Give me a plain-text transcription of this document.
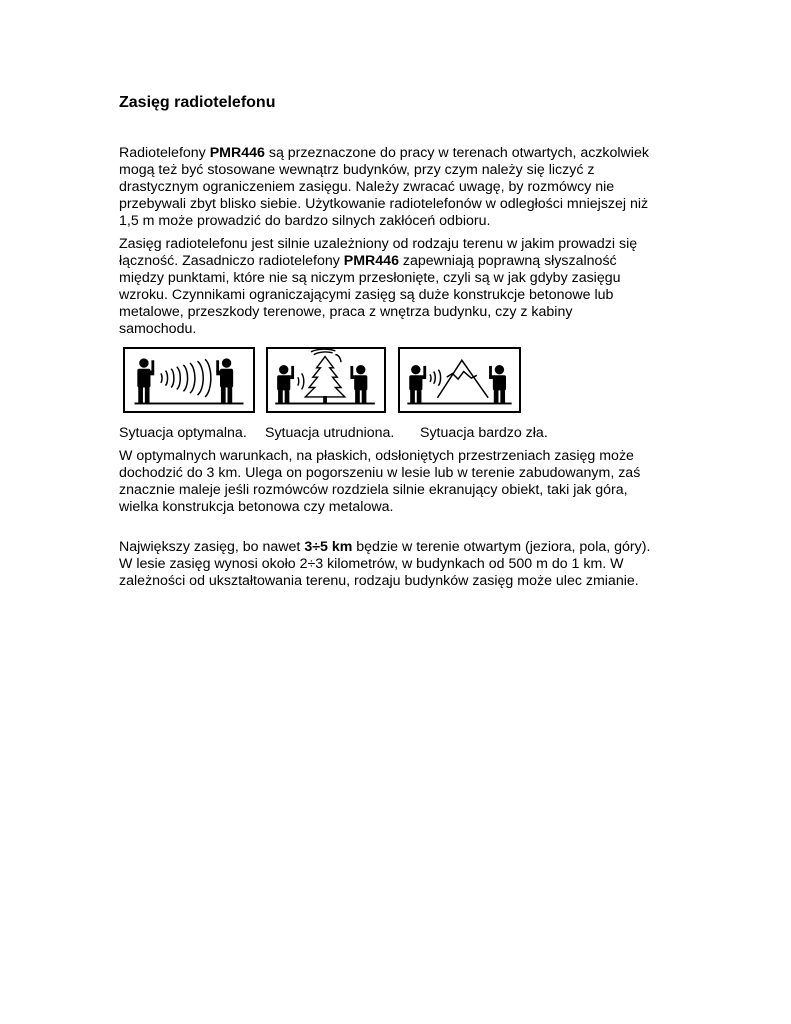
Zasięg radiotelefonu

Radiotelefony PMR446 są przeznaczone do pracy w terenach otwartych, aczkolwiek
mogą też być stosowane wewnątrz budynków, przy czym należy się liczyć z
drastycznym ograniczeniem zasięgu. Należy zwracać uwagę, by rozmówcy nie
przebywali zbyt blisko siebie. Użytkowanie radiotelefonów w odległości mniejszej niż
1,5 m może prowadzić do bardzo silnych zakłóceń odbioru.

Zasięg radiotelefonu jest silnie uzależniony od rodzaju terenu w jakim prowadzi się
łączność. Zasadniczo radiotelefony PMR446 zapewniają poprawną słyszalność
między punktami, które nie są niczym przesłonięte, czyli są w jak gdyby zasięgu
wzroku. Czynnikami ograniczającymi zasięg są duże konstrukcje betonowe lub
metalowe, przeszkody terenowe, praca z wnętrza budynku, czy z kabiny
samochodu.

Sytuacja optymalna. Sytuacja utrudniona. Sytuacja bardzo zła.

W optymalnych warunkach, na płaskich, odsłoniętych przestrzeniach zasięg może
dochodzić do 3 km. Ulega on pogorszeniu w lesie lub w terenie zabudowanym, zaś
znacznie maleje jeśli rozmówców rozdziela silnie ekranujący obiekt, taki jak góra,
wielka konstrukcja betonowa czy metalowa.

Największy zasięg, bo nawet 3÷5 km będzie w terenie otwartym (jeziora, pola, góry).
W lesie zasięg wynosi około 2÷3 kilometrów, w budynkach od 500 m do 1 km. W
zależności od ukształtowania terenu, rodzaju budynków zasięg może ulec zmianie.
